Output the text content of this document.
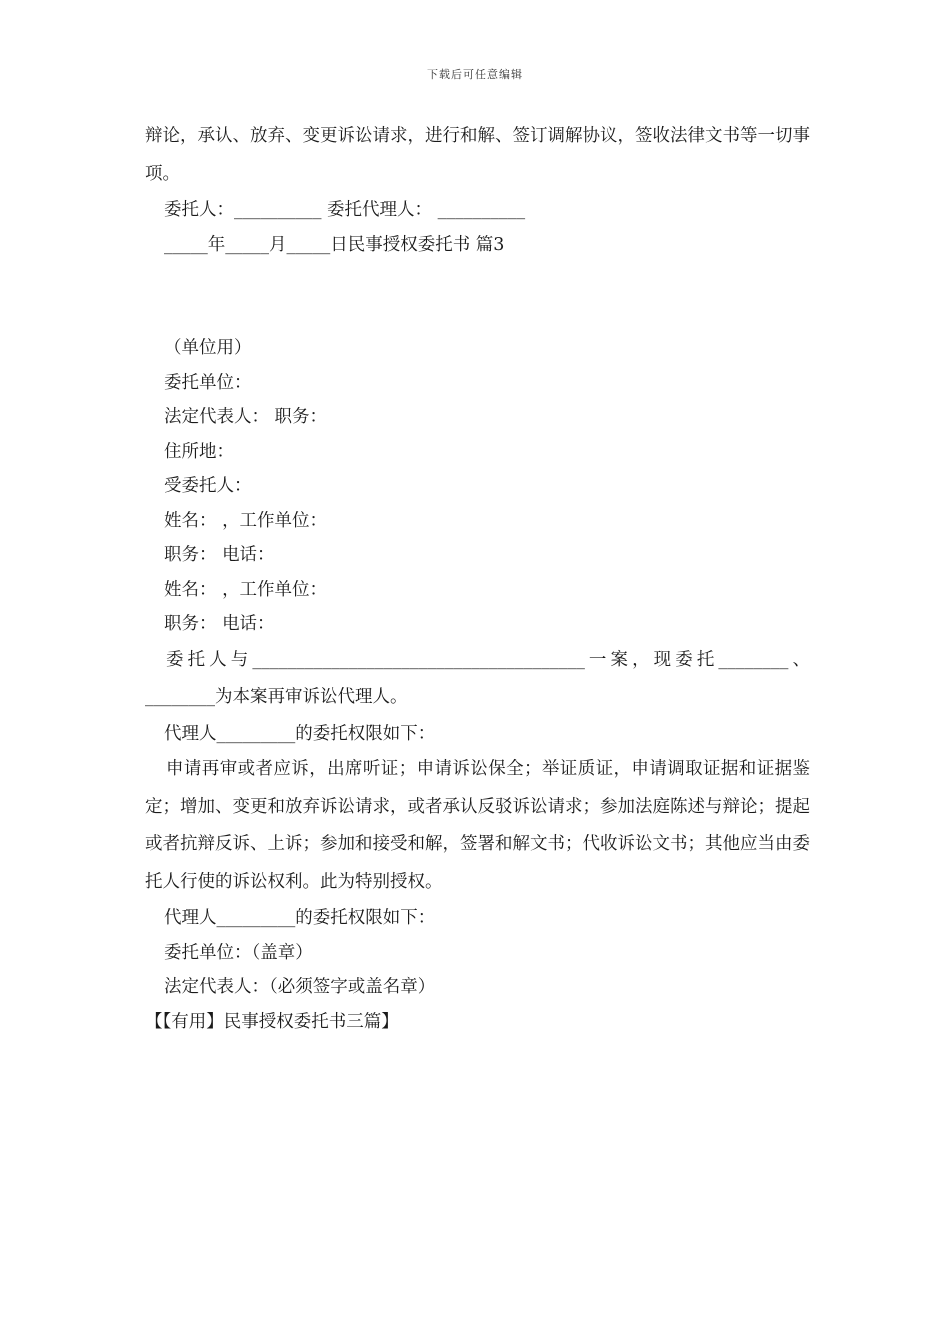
下载后可任意编辑
辩论，承认、放弃、变更诉讼请求，进行和解、签订调解协议，签收法律文书等一切事项。
委托人：__________ 委托代理人： __________
_____年_____月_____日民事授权委托书 篇3
（单位用）
委托单位：
法定代表人： 职务：
住所地：
受委托人：
姓名： ，工作单位：
职务： 电话：
姓名： ，工作单位：
职务： 电话：
委托人与______________________________________一案，现委托________、________为本案再审诉讼代理人。
代理人_________的委托权限如下：
申请再审或者应诉，出席听证；申请诉讼保全；举证质证，申请调取证据和证据鉴定；增加、变更和放弃诉讼请求，或者承认反驳诉讼请求；参加法庭陈述与辩论；提起或者抗辩反诉、上诉；参加和接受和解，签署和解文书；代收诉讼文书；其他应当由委托人行使的诉讼权利。此为特别授权。
代理人_________的委托权限如下：
委托单位：（盖章）
法定代表人：（必须签字或盖名章）
【【有用】民事授权委托书三篇】
